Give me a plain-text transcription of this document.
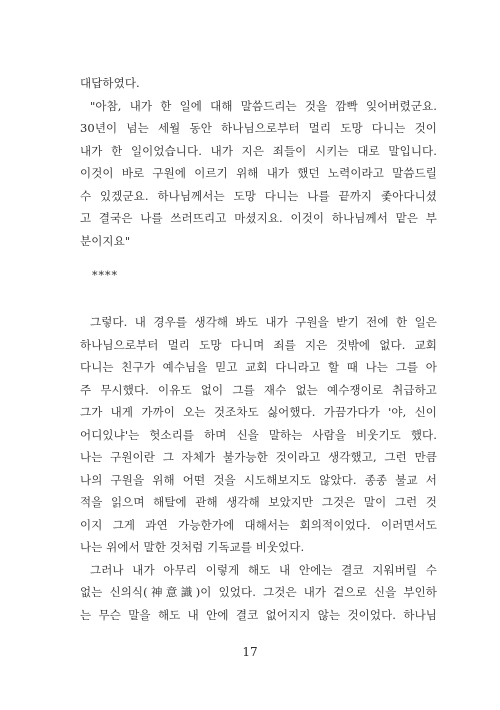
대답하였다.
"아참, 내가 한 일에 대해 말씀드리는 것을 깜빡 잊어버렸군요.
30년이 넘는 세월 동안 하나님으로부터 멀리 도망 다니는 것이
내가 한 일이었습니다. 내가 지은 죄들이 시키는 대로 말입니다.
이것이 바로 구원에 이르기 위해 내가 했던 노력이라고 말씀드릴
수 있겠군요. 하나님께서는 도망 다니는 나를 끝까지 좇아다니셨
고 결국은 나를 쓰러뜨리고 마셨지요. 이것이 하나님께서 맡은 부
분이지요"
****
그렇다. 내 경우를 생각해 봐도 내가 구원을 받기 전에 한 일은
하나님으로부터 멀리 도망 다니며 죄를 지은 것밖에 없다. 교회
다니는 친구가 예수님을 믿고 교회 다니라고 할 때 나는 그를 아
주 무시했다. 이유도 없이 그를 재수 없는 예수쟁이로 취급하고
그가 내게 가까이 오는 것조차도 싫어했다. 가끔가다가 '야, 신이
어디있냐'는 헛소리를 하며 신을 말하는 사람을 비웃기도 했다.
나는 구원이란 그 자체가 불가능한 것이라고 생각했고, 그런 만큼
나의 구원을 위해 어떤 것을 시도해보지도 않았다. 종종 불교 서
적을 읽으며 해탈에 관해 생각해 보았지만 그것은 말이 그런 것
이지 그게 과연 가능한가에 대해서는 회의적이었다. 이러면서도
나는 위에서 말한 것처럼 기독교를 비웃었다.
그러나 내가 아무리 이렇게 해도 내 안에는 결코 지워버릴 수
없는 신의식(神意識)이 있었다. 그것은 내가 겉으로 신을 부인하
는 무슨 말을 해도 내 안에 결코 없어지지 않는 것이었다. 하나님
17
